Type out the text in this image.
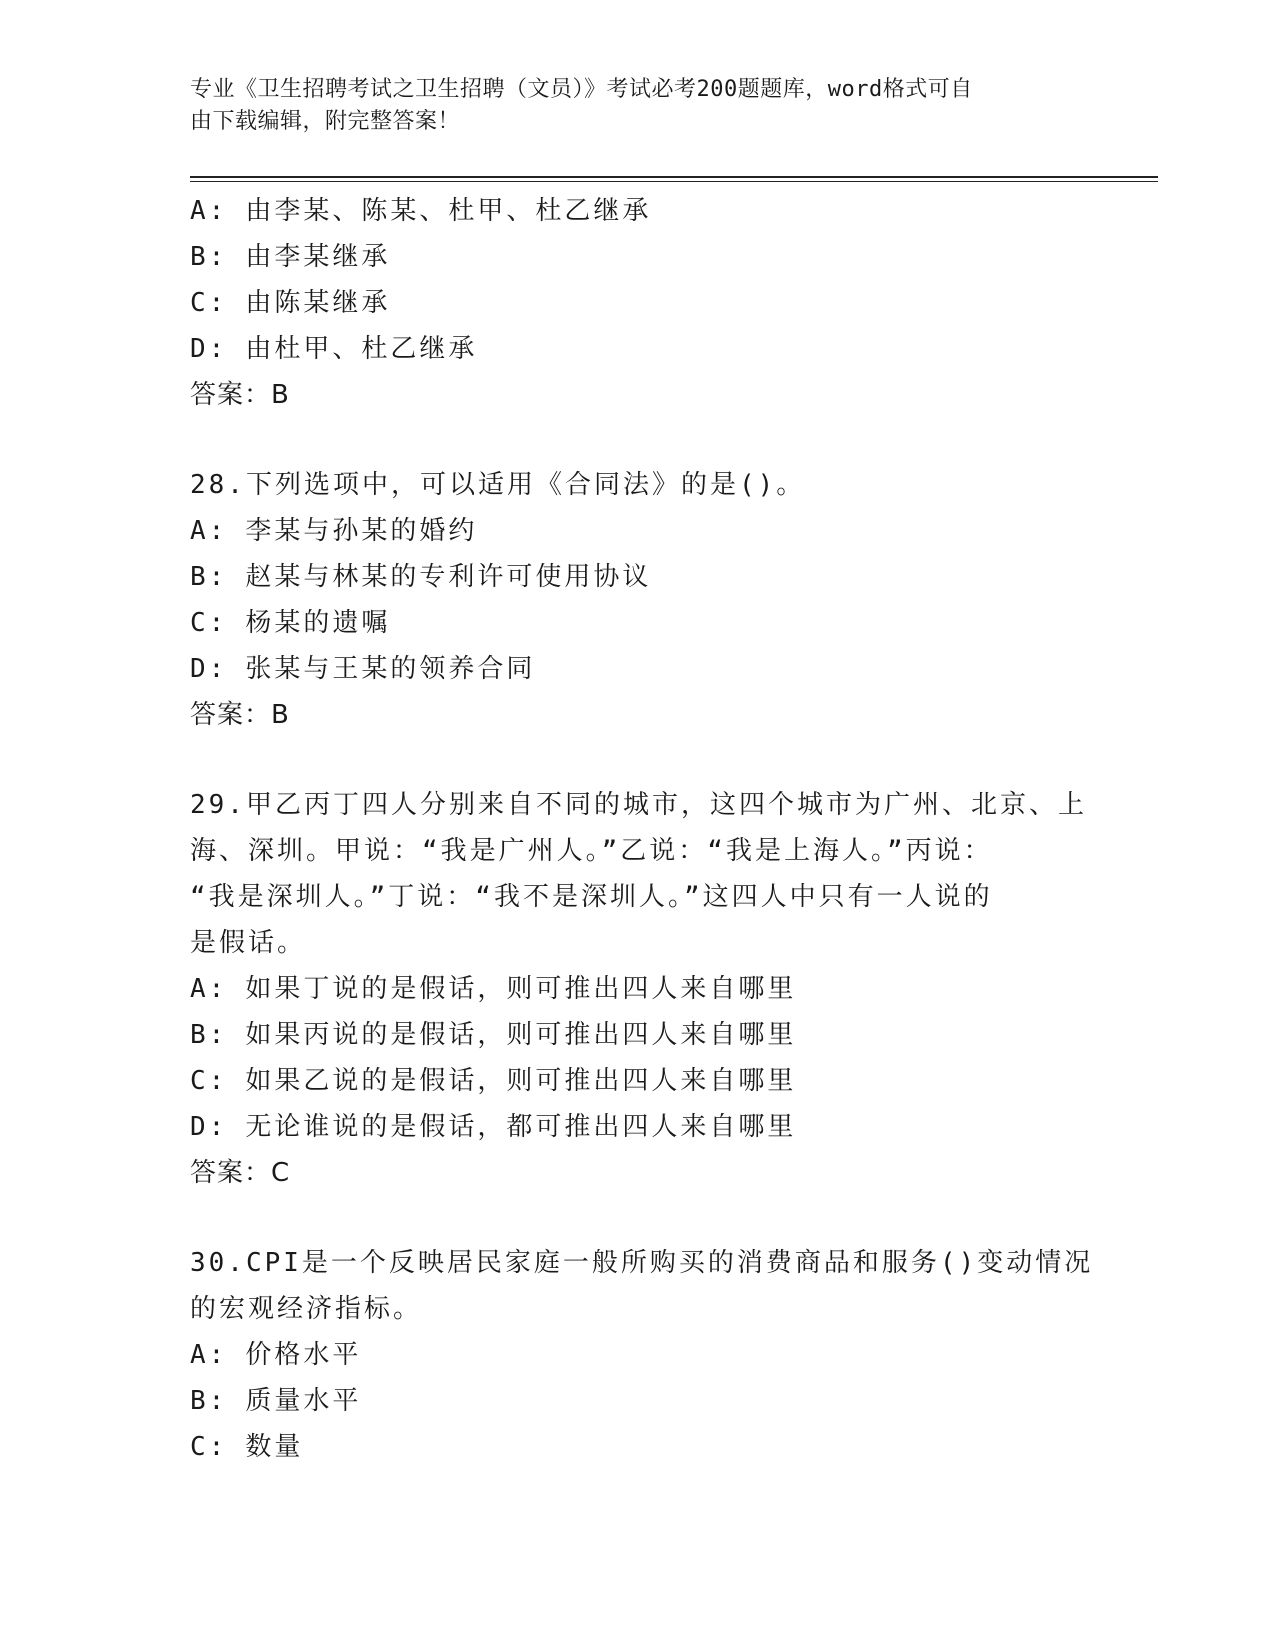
专业《卫生招聘考试之卫生招聘（文员）》考试必考200题题库，word格式可自
由下载编辑，附完整答案！
A : 由李某、陈某、杜甲、杜乙继承
B : 由李某继承
C : 由陈某继承
D : 由杜甲、杜乙继承
答案：B
28.下列选项中，可以适用《合同法》的是()。
A : 李某与孙某的婚约
B : 赵某与林某的专利许可使用协议
C : 杨某的遗嘱
D : 张某与王某的领养合同
答案：B
29.甲乙丙丁四人分别来自不同的城市，这四个城市为广州、北京、上
海、深圳。甲说：“我是广州人。”乙说：“我是上海人。”丙说：
“我是深圳人。”丁说：“我不是深圳人。”这四人中只有一人说的
是假话。
A : 如果丁说的是假话，则可推出四人来自哪里
B : 如果丙说的是假话，则可推出四人来自哪里
C : 如果乙说的是假话，则可推出四人来自哪里
D : 无论谁说的是假话，都可推出四人来自哪里
答案：C
30.CPI是一个反映居民家庭一般所购买的消费商品和服务()变动情况
的宏观经济指标。
A : 价格水平
B : 质量水平
C : 数量
